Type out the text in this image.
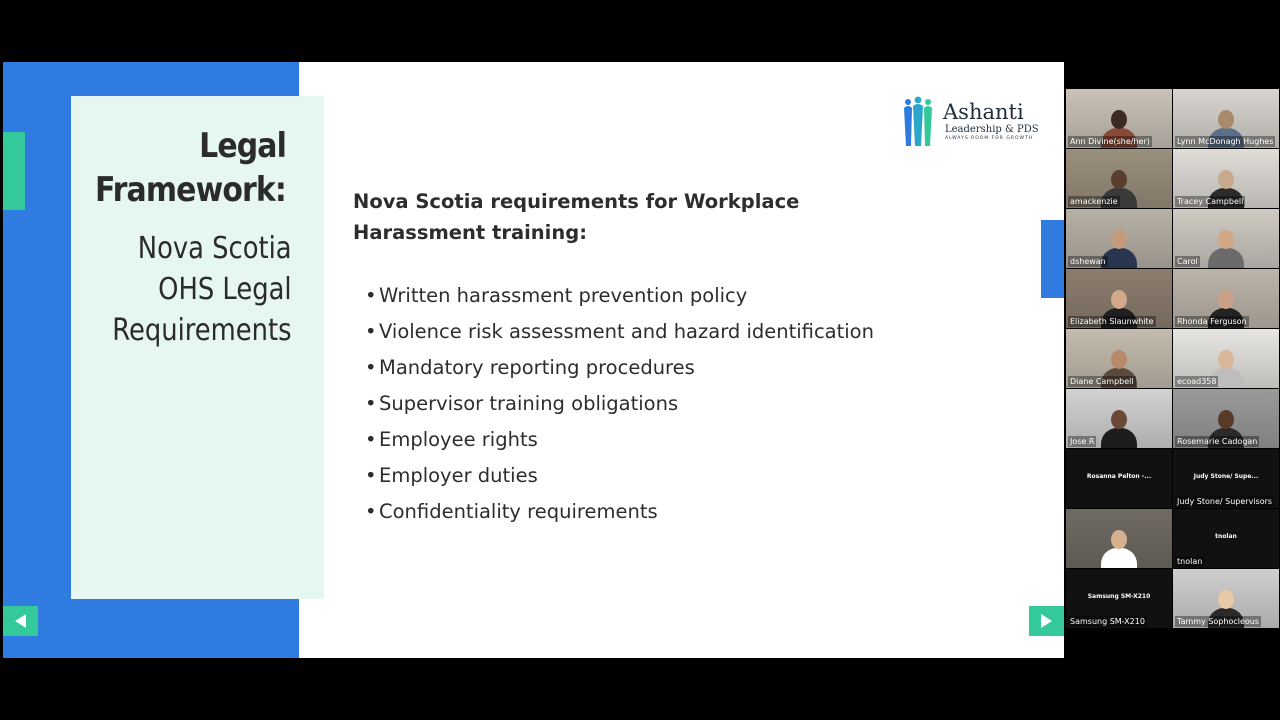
Legal
Framework:
Nova Scotia
OHS Legal
Requirements
Ashanti
Leadership & PDS
ALWAYS ROOM FOR GROWTH
Nova Scotia requirements for Workplace Harassment training:
• Written harassment prevention policy
• Violence risk assessment and hazard identification
• Mandatory reporting procedures
• Supervisor training obligations
• Employee rights
• Employer duties
• Confidentiality requirements
Ann Divine(she/her)	Lynn McDonagh Hughes
amackenzie	Tracey Campbell
dshewan	Carol
Elizabeth Slaunwhite	Rhonda Ferguson
Diane Campbell	ecoad358
Jose R	Rosemarie Cadogan
Rosanna Pelton -...	Judy Stone/ Supe...
Judy Stone/ Supervisors
tnolan
tnolan
Samsung SM-X210
Samsung SM-X210	Tammy Sophocleous
